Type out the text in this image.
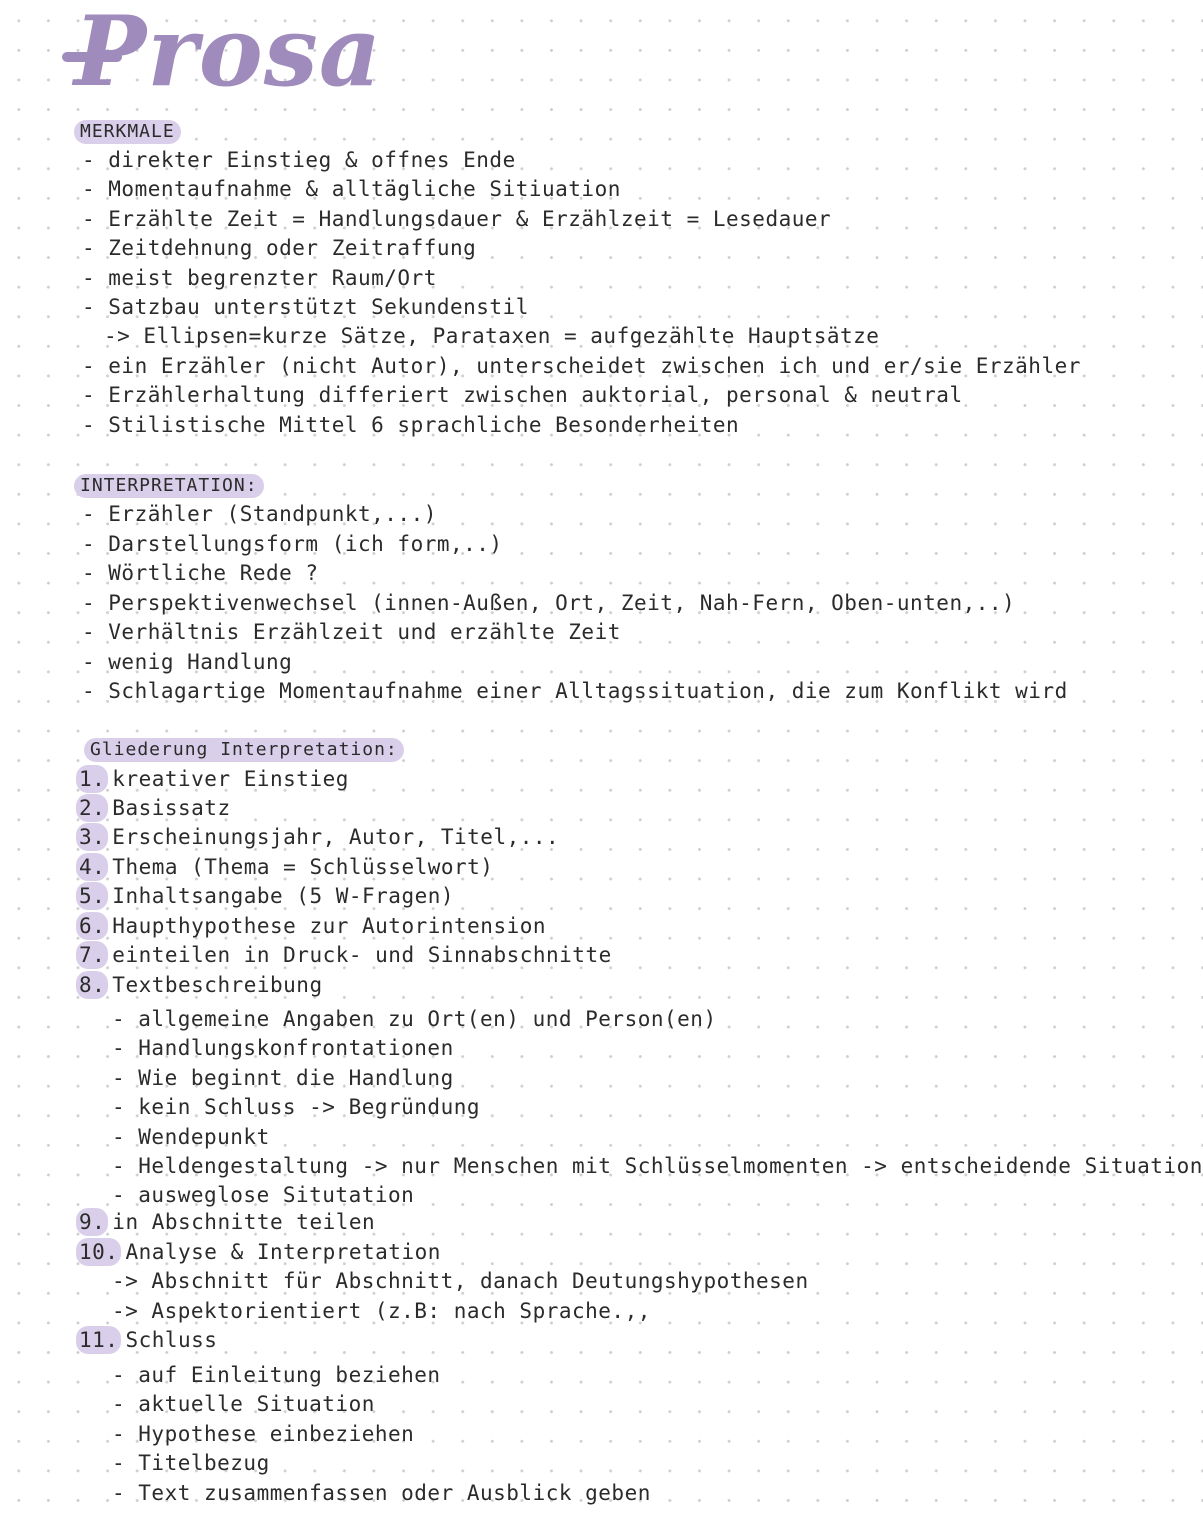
Prosa
MERKMALE
- direkter Einstieg & offnes Ende
- Momentaufnahme & alltägliche Sitiuation
- Erzählte Zeit = Handlungsdauer & Erzählzeit = Lesedauer
- Zeitdehnung oder Zeitraffung
- meist begrenzter Raum/Ort
- Satzbau unterstützt Sekundenstil
-> Ellipsen=kurze Sätze, Parataxen = aufgezählte Hauptsätze
- ein Erzähler (nicht Autor), unterscheidet zwischen ich und er/sie Erzähler
- Erzählerhaltung differiert zwischen auktorial, personal & neutral
- Stilistische Mittel 6 sprachliche Besonderheiten
INTERPRETATION:
- Erzähler (Standpunkt,...)
- Darstellungsform (ich form,..)
- Wörtliche Rede ?
- Perspektivenwechsel (innen-Außen, Ort, Zeit, Nah-Fern, Oben-unten,..)
- Verhältnis Erzählzeit und erzählte Zeit
- wenig Handlung
- Schlagartige Momentaufnahme einer Alltagssituation, die zum Konflikt wird
Gliederung Interpretation:
1. kreativer Einstieg
2. Basissatz
3. Erscheinungsjahr, Autor, Titel,...
4. Thema (Thema = Schlüsselwort)
5. Inhaltsangabe (5 W-Fragen)
6. Haupthypothese zur Autorintension
7. einteilen in Druck- und Sinnabschnitte
8. Textbeschreibung
- allgemeine Angaben zu Ort(en) und Person(en)
- Handlungskonfrontationen
- Wie beginnt die Handlung
- kein Schluss -> Begründung
- Wendepunkt
- Heldengestaltung -> nur Menschen mit Schlüsselmomenten -> entscheidende Situation
- ausweglose Situtation
9. in Abschnitte teilen
10. Analyse & Interpretation
-> Abschnitt für Abschnitt, danach Deutungshypothesen
-> Aspektorientiert (z.B: nach Sprache.,,
11. Schluss
- auf Einleitung beziehen
- aktuelle Situation
- Hypothese einbeziehen
- Titelbezug
- Text zusammenfassen oder Ausblick geben
